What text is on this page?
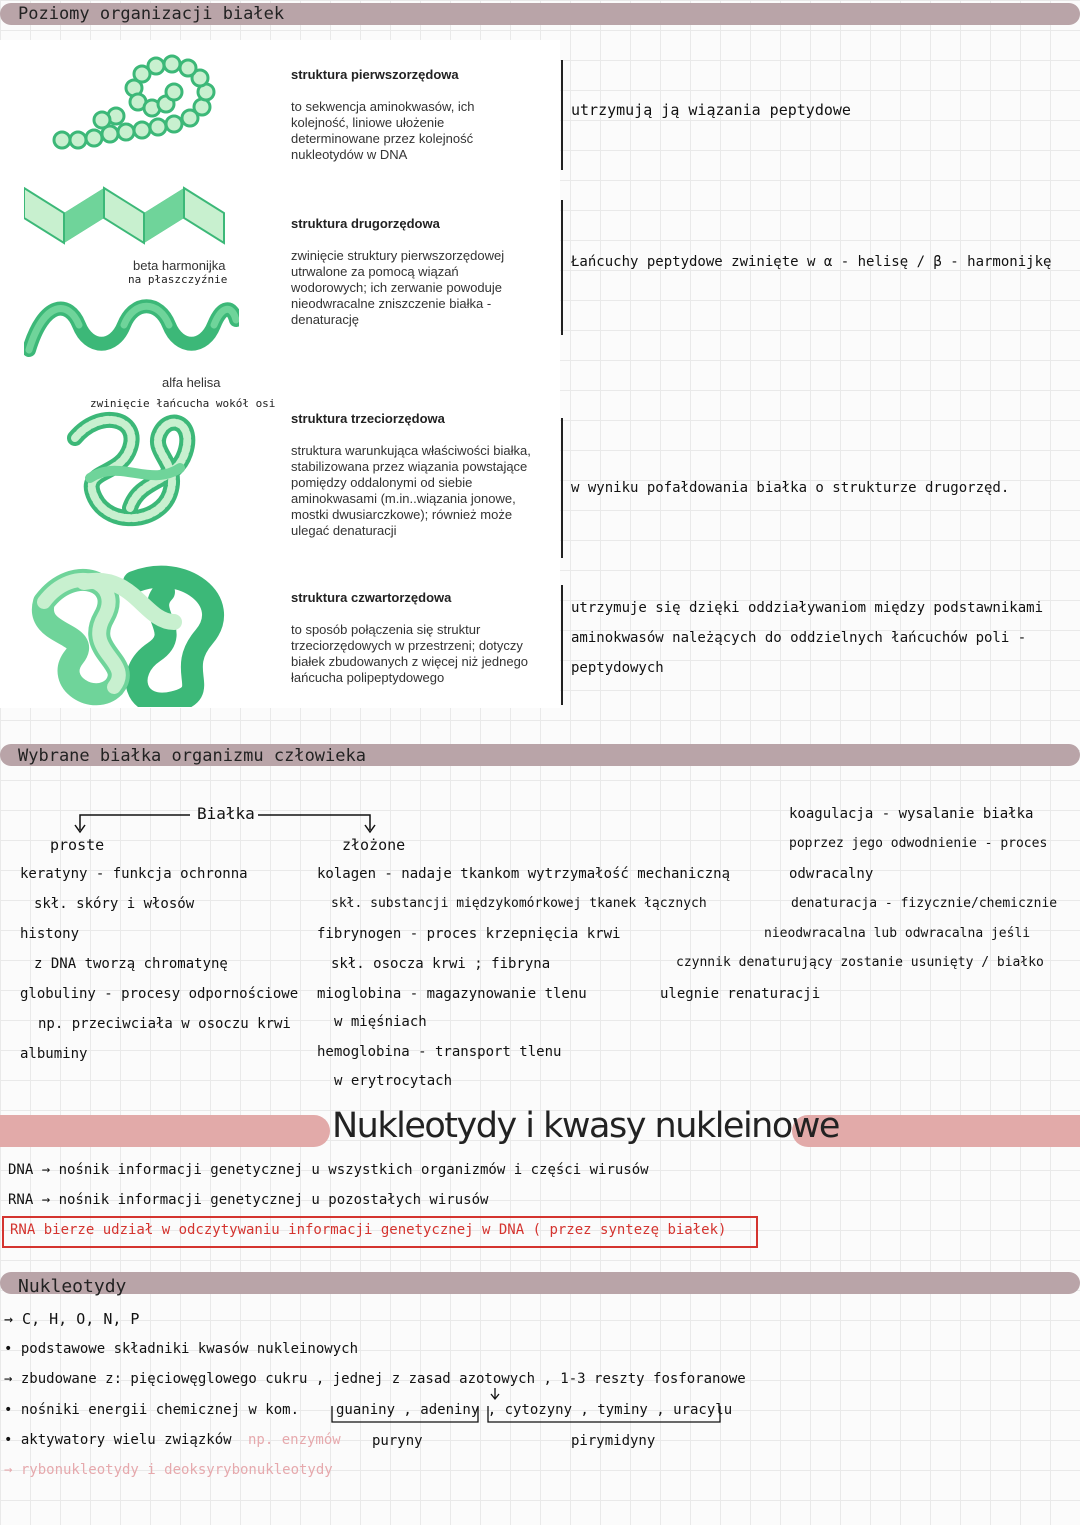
Poziomy organizacji białek
beta harmonijka
na płaszczyźnie
alfa helisa
zwinięcie łańcucha wokół osi
struktura pierwszorzędowa
to sekwencja aminokwasów, ich kolejność, liniowe ułożenie determinowane przez kolejność nukleotydów w DNA
struktura drugorzędowa
zwinięcie struktury pierwszorzędowej utrwalone za pomocą wiązań wodorowych; ich zerwanie powoduje nieodwracalne zniszczenie białka - denaturację
struktura trzeciorzędowa
struktura warunkująca właściwości białka, stabilizowana przez wiązania powstające pomiędzy oddalonymi od siebie aminokwasami (m.in..wiązania jonowe, mostki dwusiarczkowe); również może ulegać denaturacji
struktura czwartorzędowa
to sposób połączenia się struktur trzeciorzędowych w przestrzeni; dotyczy białek zbudowanych z więcej niż jednego łańcucha polipeptydowego
utrzymują ją wiązania peptydowe
Łańcuchy peptydowe zwinięte w α - helisę / β - harmonijkę
w wyniku pofałdowania białka o strukturze drugorzęd.
utrzymuje się dzięki oddziaływaniom między podstawnikami
aminokwasów należących do oddzielnych łańcuchów poli -
peptydowych
Wybrane białka organizmu człowieka
Białka
proste
keratyny - funkcja ochronna
skł. skóry i włosów
histony
z DNA tworzą chromatynę
globuliny - procesy odpornościowe
np. przeciwciała w osoczu krwi
albuminy
złożone
kolagen - nadaje tkankom wytrzymałość mechaniczną
skł. substancji międzykomórkowej tkanek łącznych
fibrynogen - proces krzepnięcia krwi
skł. osocza krwi ; fibryna
mioglobina - magazynowanie tlenu
w mięśniach
hemoglobina - transport tlenu
w erytrocytach
koagulacja - wysalanie białka
poprzez jego odwodnienie - proces
odwracalny
denaturacja - fizycznie/chemicznie
nieodwracalna lub odwracalna jeśli
czynnik denaturujący zostanie usunięty / białko
ulegnie renaturacji
Nukleotydy i kwasy nukleinowe
DNA → nośnik informacji genetycznej u wszystkich organizmów i części wirusów
RNA → nośnik informacji genetycznej u pozostałych wirusów
RNA bierze udział w odczytywaniu informacji genetycznej w DNA ( przez syntezę białek)
Nukleotydy
→ C, H, O, N, P
• podstawowe składniki kwasów nukleinowych
→ zbudowane z: pięciowęglowego cukru , jednej z zasad azotowych , 1-3 reszty fosforanowe
• nośniki energii chemicznej w kom.	guaniny , adeniny , cytozyny , tyminy , uracylu
puryny	pirymidyny
• aktywatory wielu związków np. enzymów
→ rybonukleotydy i deoksyrybonukleotydy
